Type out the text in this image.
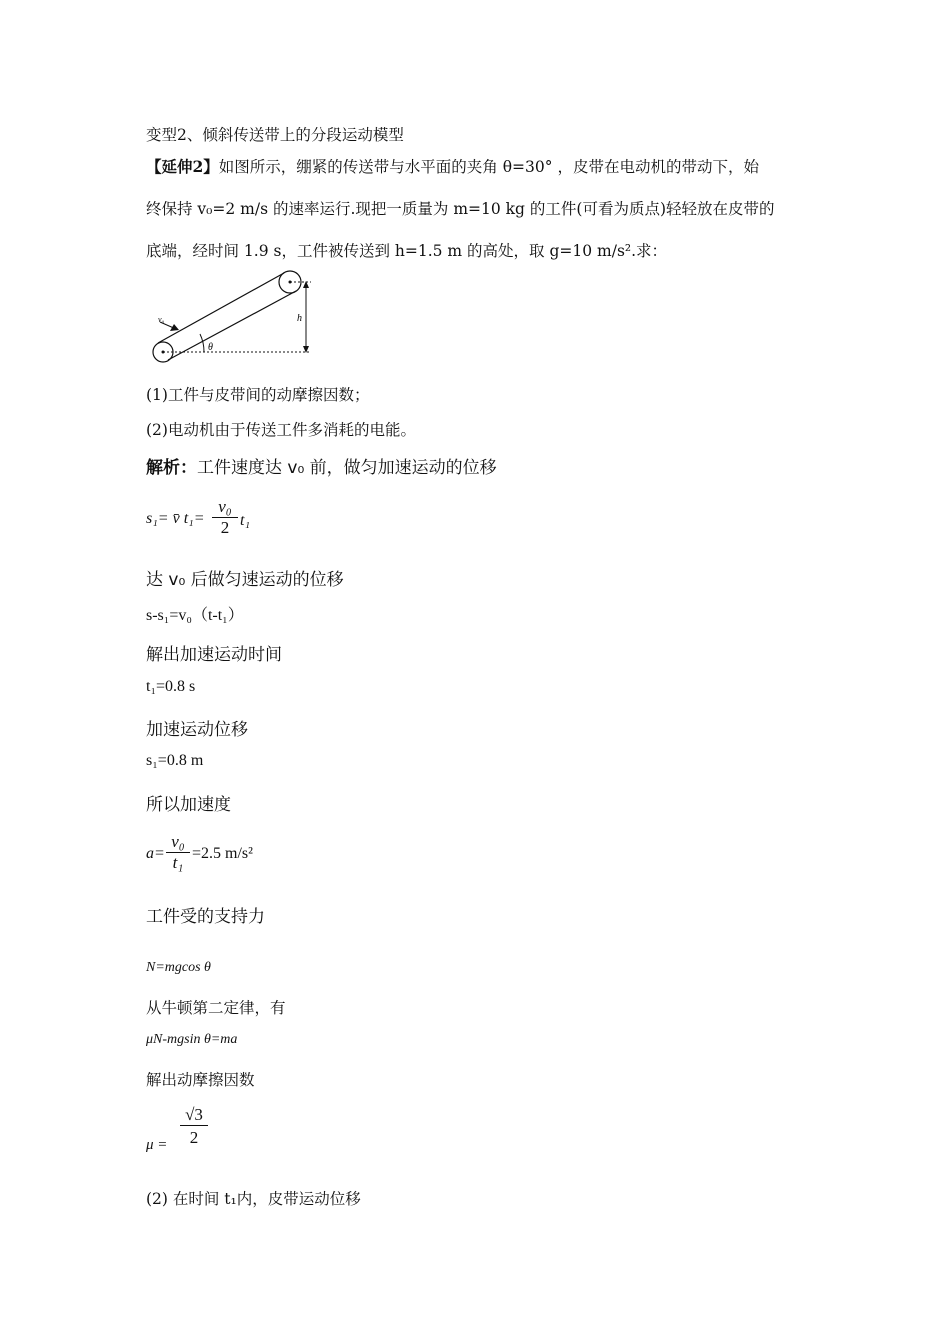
变型2、倾斜传送带上的分段运动模型
【延伸2】如图所示，绷紧的传送带与水平面的夹角 θ=30° ，皮带在电动机的带动下，始
终保持 v₀=2 m/s 的速率运行.现把一质量为 m=10 kg 的工件(可看为质点)轻轻放在皮带的
底端，经时间 1.9 s，工件被传送到 h=1.5 m 的高处，取 g=10 m/s².求：
h
θ
v₀
(1)工件与皮带间的动摩擦因数；
(2)电动机由于传送工件多消耗的电能。
解析：工件速度达 v₀ 前，做匀加速运动的位移
s₁= v̄ $t_1= \frac{\text{v₀}}{2} t_1$
达 v₀ 后做匀速运动的位移
s-s₁=v₀（t-t₁）
解出加速运动时间
t₁=0.8 s
加速运动位移
s₁=0.8 m
所以加速度
$a= \frac{\text{v₀}}{\text{t₁}} =2.5$ m/s²
工件受的支持力
N=mgcos θ
从牛顿第二定律，有
μN-mgsin θ=ma
解出动摩擦因数
$\mu = \frac{√3}{2}$
(2) 在时间 t₁内，皮带运动位移
